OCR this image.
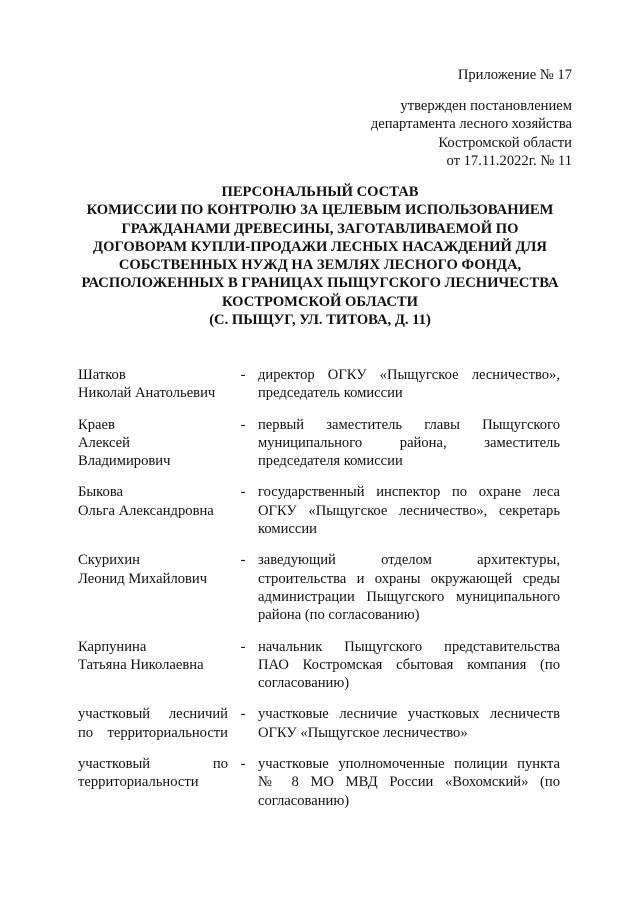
Приложение № 17
утвержден постановлением
департамента лесного хозяйства
Костромской области
от 17.11.2022г. № 11
ПЕРСОНАЛЬНЫЙ СОСТАВ
КОМИССИИ ПО КОНТРОЛЮ ЗА ЦЕЛЕВЫМ ИСПОЛЬЗОВАНИЕМ
ГРАЖДАНАМИ ДРЕВЕСИНЫ, ЗАГОТАВЛИВАЕМОЙ ПО
ДОГОВОРАМ КУПЛИ-ПРОДАЖИ ЛЕСНЫХ НАСАЖДЕНИЙ ДЛЯ
СОБСТВЕННЫХ НУЖД НА ЗЕМЛЯХ ЛЕСНОГО ФОНДА,
РАСПОЛОЖЕННЫХ В ГРАНИЦАХ ПЫЩУГСКОГО ЛЕСНИЧЕСТВА
КОСТРОМСКОЙ ОБЛАСТИ
(С. ПЫЩУГ, УЛ. ТИТОВА, Д. 11)
Шатков
Николай Анатольевич
- директор ОГКУ «Пыщугское лесничество»,
председатель комиссии
Краев
Алексей
Владимирович
- первый заместитель главы Пыщугского
муниципального района, заместитель
председателя комиссии
Быкова
Ольга Александровна
- государственный инспектор по охране леса
ОГКУ «Пыщугское лесничество», секретарь
комиссии
Скурихин
Леонид Михайлович
- заведующий отделом архитектуры,
строительства и охраны окружающей среды
администрации Пыщугского муниципального
района (по согласованию)
Карпунина
Татьяна Николаевна
- начальник Пыщугского представительства
ПАО Костромская сбытовая компания (по
согласованию)
участковый лесничий
по территориальности
- участковые лесничие участковых лесничеств
ОГКУ «Пыщугское лесничество»
участковый по
территориальности
- участковые уполномоченные полиции пункта
№ 8 МО МВД России «Вохомский» (по
согласованию)
